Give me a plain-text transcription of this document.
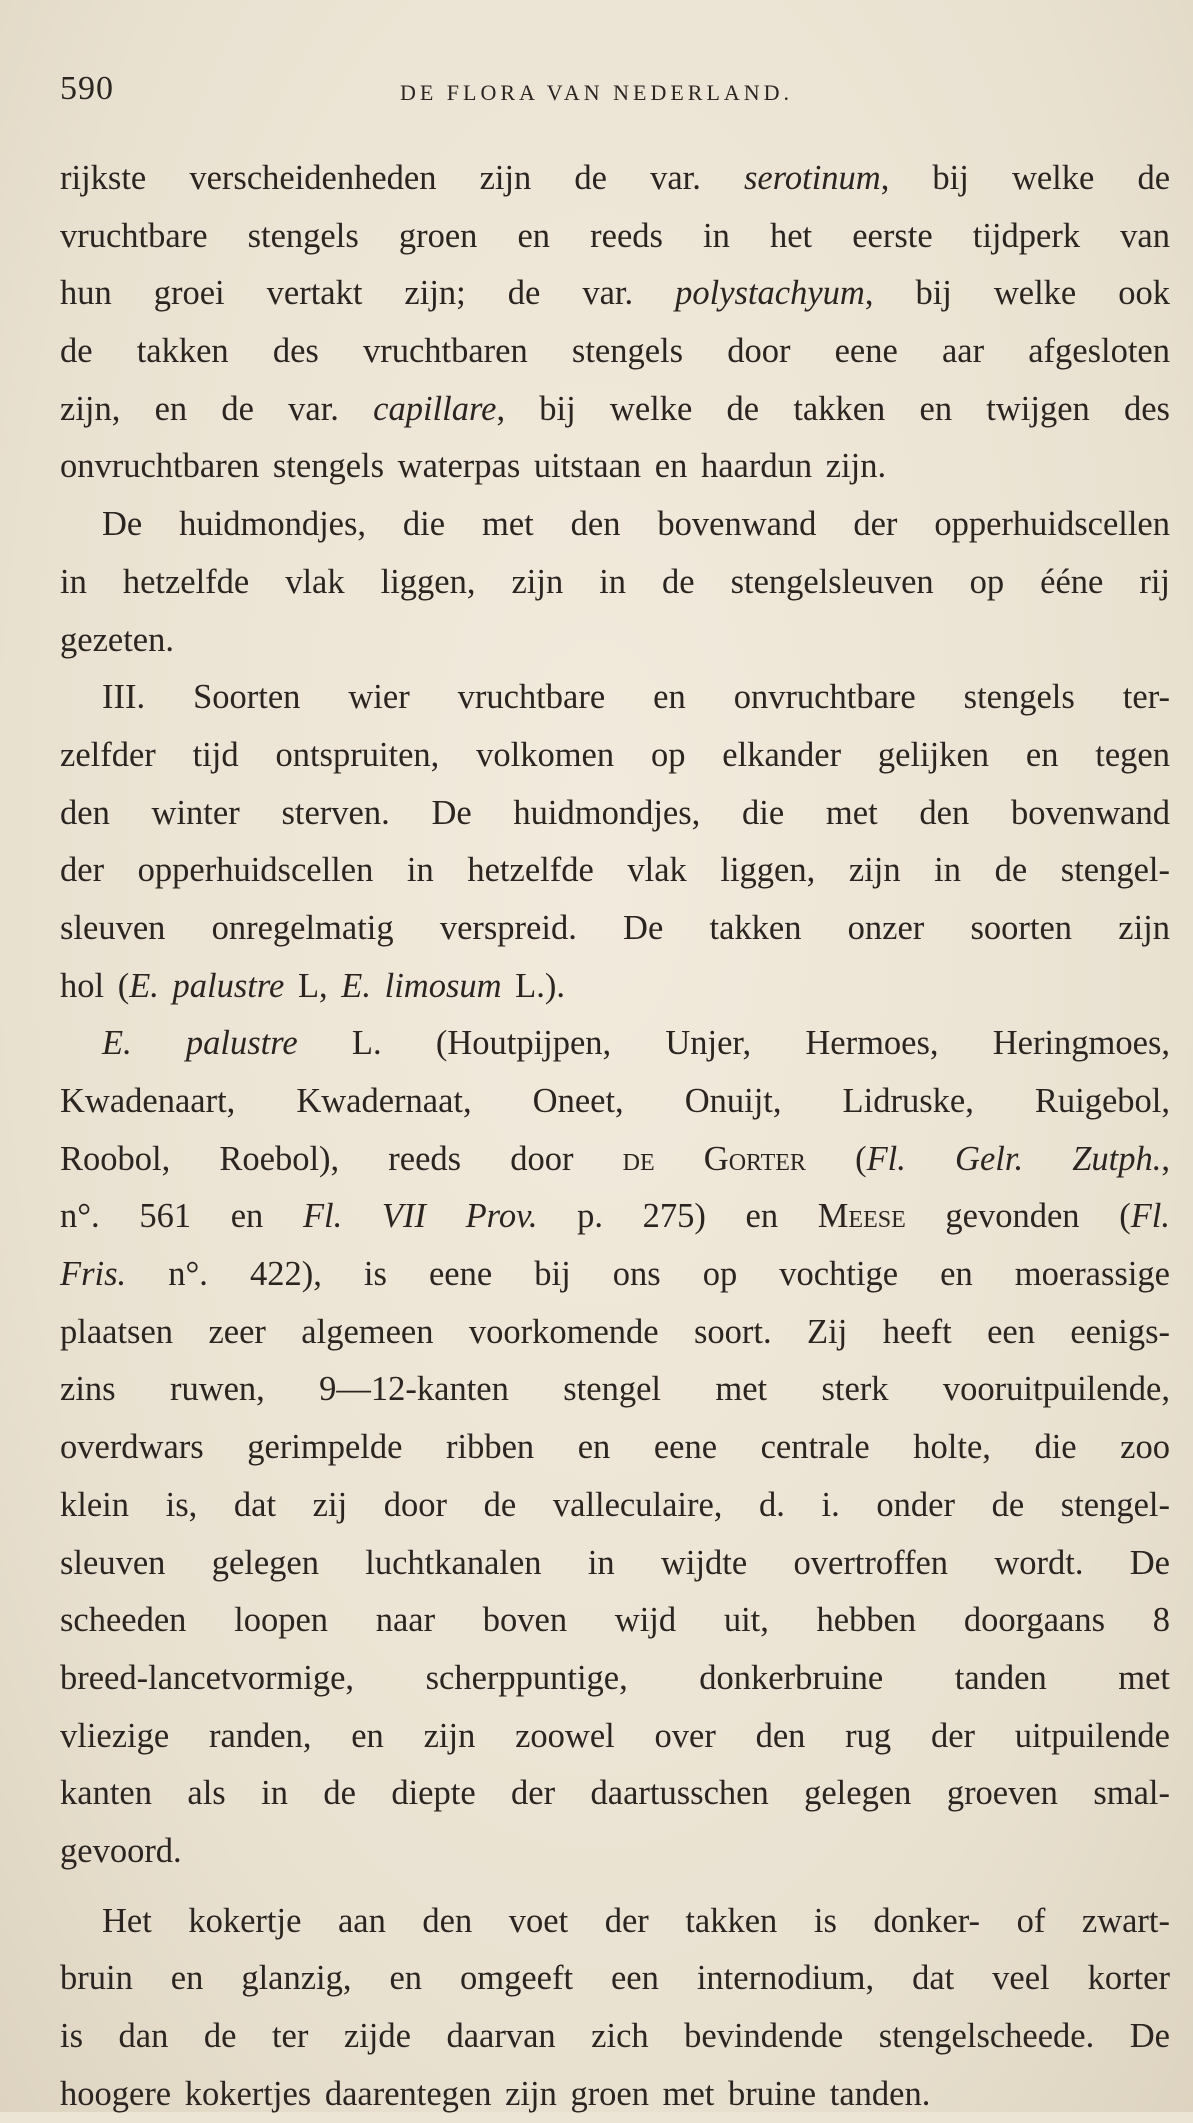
590	DE FLORA VAN NEDERLAND.
rijkste verscheidenheden zijn de var. serotinum, bij welke de
vruchtbare stengels groen en reeds in het eerste tijdperk van
hun groei vertakt zijn; de var. polystachyum, bij welke ook
de takken des vruchtbaren stengels door eene aar afgesloten
zijn, en de var. capillare, bij welke de takken en twijgen des
onvruchtbaren stengels waterpas uitstaan en haardun zijn.
De huidmondjes, die met den bovenwand der opperhuidscellen
in hetzelfde vlak liggen, zijn in de stengelsleuven op ééne rij
gezeten.
III. Soorten wier vruchtbare en onvruchtbare stengels ter-
zelfder tijd ontspruiten, volkomen op elkander gelijken en tegen
den winter sterven. De huidmondjes, die met den bovenwand
der opperhuidscellen in hetzelfde vlak liggen, zijn in de stengel-
sleuven onregelmatig verspreid. De takken onzer soorten zijn
hol (E. palustre L, E. limosum L.).
E. palustre L. (Houtpijpen, Unjer, Hermoes, Heringmoes,
Kwadenaart, Kwadernaat, Oneet, Onuijt, Lidruske, Ruigebol,
Roobol, Roebol), reeds door de Gorter (Fl. Gelr. Zutph.,
n°. 561 en Fl. VII Prov. p. 275) en Meese gevonden (Fl.
Fris. n°. 422), is eene bij ons op vochtige en moerassige
plaatsen zeer algemeen voorkomende soort. Zij heeft een eenigs-
zins ruwen, 9—12-kanten stengel met sterk vooruitpuilende,
overdwars gerimpelde ribben en eene centrale holte, die zoo
klein is, dat zij door de valleculaire, d. i. onder de stengel-
sleuven gelegen luchtkanalen in wijdte overtroffen wordt. De
scheeden loopen naar boven wijd uit, hebben doorgaans 8
breed-lancetvormige, scherppuntige, donkerbruine tanden met
vliezige randen, en zijn zoowel over den rug der uitpuilende
kanten als in de diepte der daartusschen gelegen groeven smal-
gevoord.
Het kokertje aan den voet der takken is donker- of zwart-
bruin en glanzig, en omgeeft een internodium, dat veel korter
is dan de ter zijde daarvan zich bevindende stengelscheede. De
hoogere kokertjes daarentegen zijn groen met bruine tanden.
